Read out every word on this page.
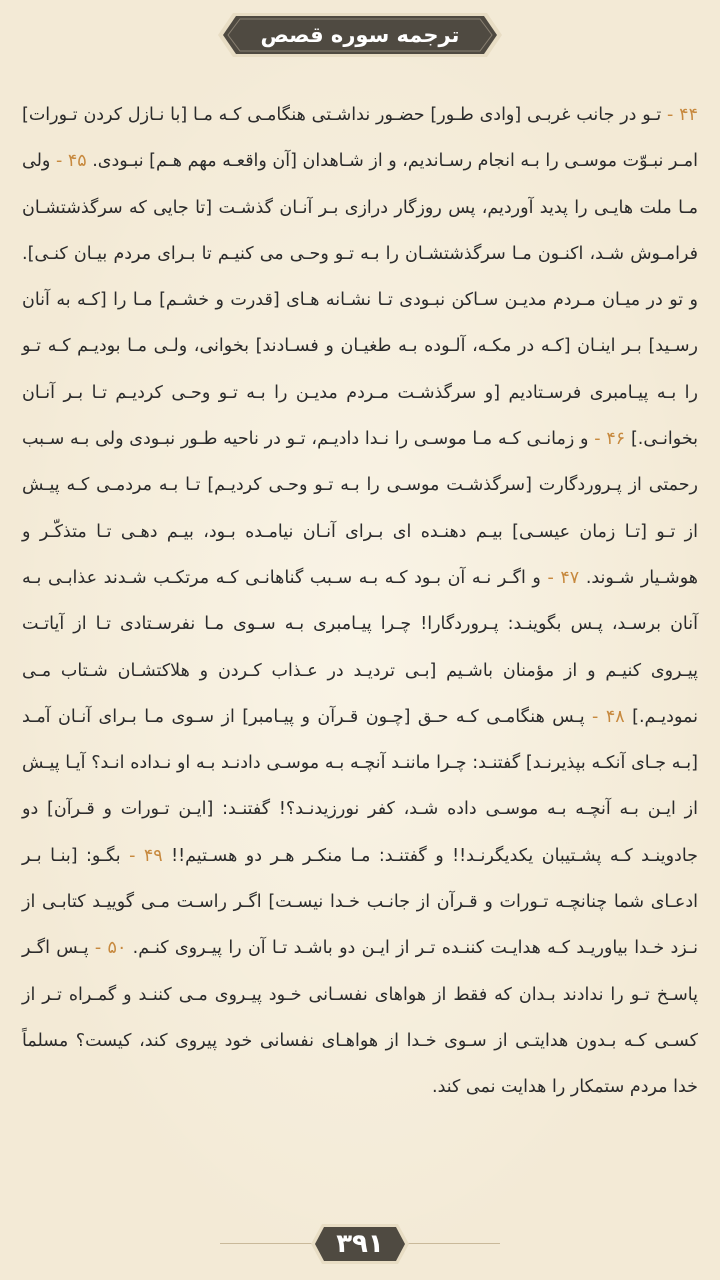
ترجمه سوره قصص

۴۴ - تـو در جانب غربـی [وادی طـور] حضـور نداشـتی هنگامـی کـه مـا [با نـازل کردن تـورات] امـر نبـوّت موسـی را بـه انجام رسـاندیم، و از شـاهدان [آن واقعـه مهم هـم] نبـودی. ۴۵ - ولی مـا ملت هایـی را پدید آوردیم، پس روزگار درازی بـر آنـان گذشـت [تا جایی که سرگذشتشـان فرامـوش شـد، اکنـون مـا سرگذشتشـان را بـه تـو وحـی می کنیـم تا بـرای مردم بیـان کنـی]. و تو در میـان مـردم مدیـن سـاکن نبـودی تـا نشـانه هـای [قدرت و خشـم] مـا را [کـه به آنان رسـید] بـر اینـان [کـه در مکـه، آلـوده بـه طغیـان و فسـادند] بخوانی، ولـی مـا بودیـم کـه تـو را بـه پیـامبری فرسـتادیم [و سرگذشـت مـردم مدیـن را بـه تـو وحـی کردیـم تـا بـر آنـان بخوانـی.] ۴۶ - و زمانـی کـه مـا موسـی را نـدا دادیـم، تـو در ناحیه طـور نبـودی ولی بـه سـبب رحمتی از پـروردگارت [سرگذشـت موسـی را بـه تـو وحـی کردیـم] تـا بـه مردمـی کـه پیـش از تـو [تـا زمان عیسـی] بیـم دهنـده ای بـرای آنـان نیامـده بـود، بیـم دهـی تـا متذکّـر و هوشـیار شـوند. ۴۷ - و اگـر نـه آن بـود کـه بـه سـبب گناهانـی کـه مرتکـب شـدند عذابـی بـه آنان برسـد، پـس بگوینـد: پـروردگارا! چـرا پیـامبری بـه سـوی مـا نفرسـتادی تـا از آیاتـت پیـروی کنیـم و از مؤمنان باشـیم [بـی تردیـد در عـذاب کـردن و هلاکتشـان شـتاب مـی نمودیـم.] ۴۸ - پـس هنگامـی کـه حـق [چـون قـرآن و پیـامبر] از سـوی مـا بـرای آنـان آمـد [بـه جـای آنکـه بپذیرنـد] گفتنـد: چـرا ماننـد آنچـه بـه موسـی دادنـد بـه او نـداده انـد؟ آیـا پیـش از ایـن بـه آنچـه بـه موسـی داده شـد، کفر نورزیدنـد؟! گفتنـد: [ایـن تـورات و قـرآن] دو جادوینـد کـه پشـتیبان یکدیگرنـد!! و گفتنـد: مـا منکـر هـر دو هسـتیم!! ۴۹ - بگـو: [بنـا بـر ادعـای شما چنانچـه تـورات و قـرآن از جانـب خـدا نیسـت] اگـر راسـت مـی گوییـد کتابـی از نـزد خـدا بیاوریـد کـه هدایـت کننـده تـر از ایـن دو باشـد تـا آن را پیـروی کنـم. ۵۰ - پـس اگـر پاسـخ تـو را ندادند بـدان که فقط از هواهای نفسـانی خـود پیـروی مـی کننـد و گمـراه تـر از کسـی کـه بـدون هدایتـی از سـوی خـدا از هواهـای نفسانی خود پیروی کند، کیست؟ مسلماً خدا مردم ستمکار را هدایت نمی کند.

۳۹۱
